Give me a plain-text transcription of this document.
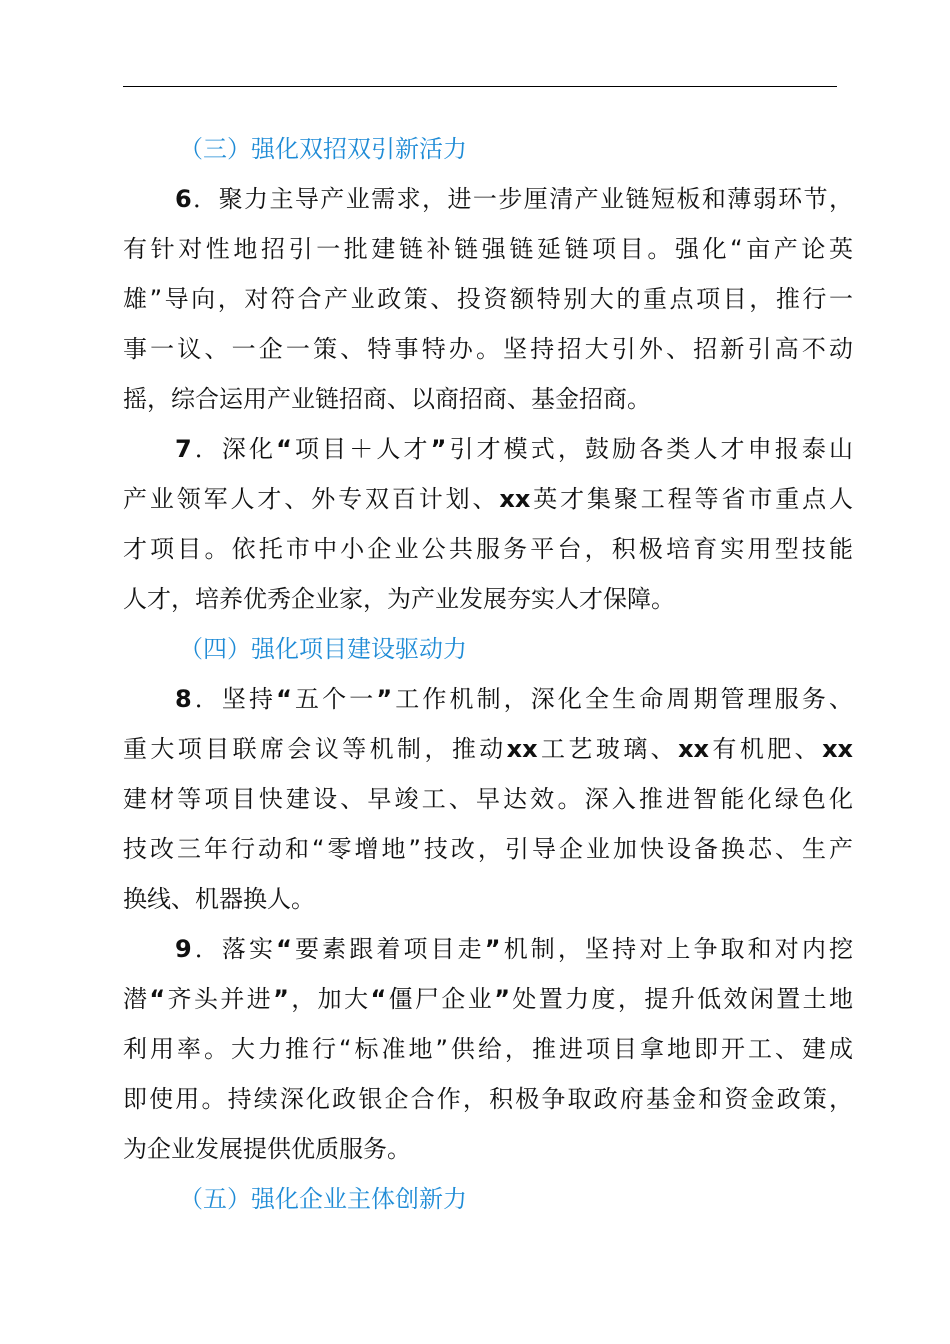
（三）强化双招双引新活力

6．聚力主导产业需求，进一步厘清产业链短板和薄弱环节，
有针对性地招引一批建链补链强链延链项目。强化“亩产论英
雄”导向，对符合产业政策、投资额特别大的重点项目，推行一
事一议、一企一策、特事特办。坚持招大引外、招新引高不动
摇，综合运用产业链招商、以商招商、基金招商。
7．深化“项目＋人才”引才模式，鼓励各类人才申报泰山
产业领军人才、外专双百计划、xx英才集聚工程等省市重点人
才项目。依托市中小企业公共服务平台，积极培育实用型技能
人才，培养优秀企业家，为产业发展夯实人才保障。

（四）强化项目建设驱动力

8．坚持“五个一”工作机制，深化全生命周期管理服务、
重大项目联席会议等机制，推动xx工艺玻璃、xx有机肥、xx
建材等项目快建设、早竣工、早达效。深入推进智能化绿色化
技改三年行动和“零增地”技改，引导企业加快设备换芯、生产
换线、机器换人。
9．落实“要素跟着项目走”机制，坚持对上争取和对内挖
潜“齐头并进”，加大“僵尸企业”处置力度，提升低效闲置土地
利用率。大力推行“标准地”供给，推进项目拿地即开工、建成
即使用。持续深化政银企合作，积极争取政府基金和资金政策，
为企业发展提供优质服务。

（五）强化企业主体创新力
